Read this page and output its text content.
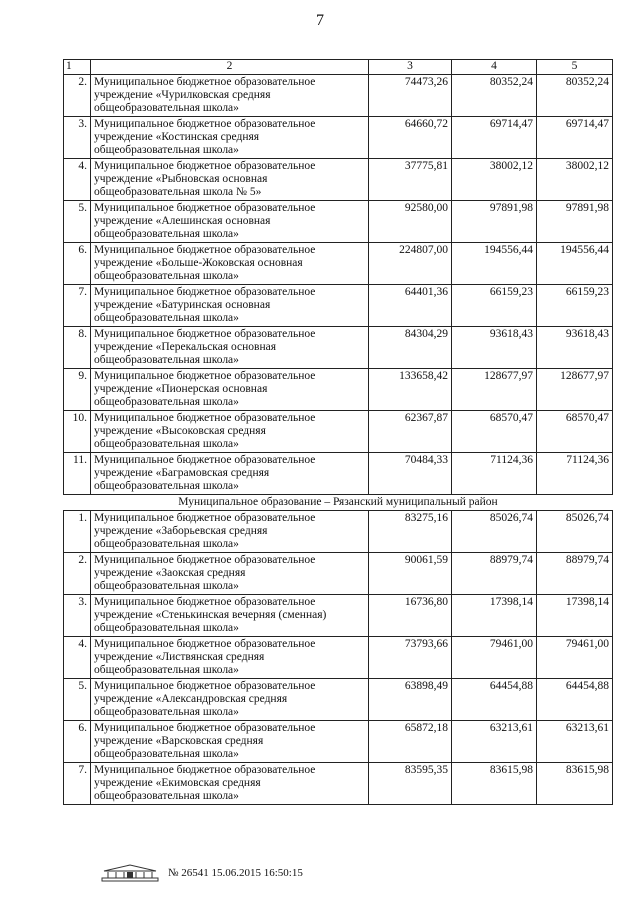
7
1	2	3	4	5
2.	Муниципальное бюджетное образовательное
учреждение «Чурилковская средняя
общеобразовательная школа»	74473,26	80352,24	80352,24
3.	Муниципальное бюджетное образовательное
учреждение «Костинская средняя
общеобразовательная школа»	64660,72	69714,47	69714,47
4.	Муниципальное бюджетное образовательное
учреждение «Рыбновская основная
общеобразовательная школа № 5»	37775,81	38002,12	38002,12
5.	Муниципальное бюджетное образовательное
учреждение «Алешинская основная
общеобразовательная школа»	92580,00	97891,98	97891,98
6.	Муниципальное бюджетное образовательное
учреждение «Больше-Жоковская основная
общеобразовательная школа»	224807,00	194556,44	194556,44
7.	Муниципальное бюджетное образовательное
учреждение «Батуринская основная
общеобразовательная школа»	64401,36	66159,23	66159,23
8.	Муниципальное бюджетное образовательное
учреждение «Перекальская основная
общеобразовательная школа»	84304,29	93618,43	93618,43
9.	Муниципальное бюджетное образовательное
учреждение «Пионерская основная
общеобразовательная школа»	133658,42	128677,97	128677,97
10.	Муниципальное бюджетное образовательное
учреждение «Высоковская средняя
общеобразовательная школа»	62367,87	68570,47	68570,47
11.	Муниципальное бюджетное образовательное
учреждение «Баграмовская средняя
общеобразовательная школа»	70484,33	71124,36	71124,36
Муниципальное образование – Рязанский муниципальный район				
1.	Муниципальное бюджетное образовательное
учреждение «Заборьевская средняя
общеобразовательная школа»	83275,16	85026,74	85026,74
2.	Муниципальное бюджетное образовательное
учреждение «Заокская средняя
общеобразовательная школа»	90061,59	88979,74	88979,74
3.	Муниципальное бюджетное образовательное
учреждение «Стенькинская вечерняя (сменная)
общеобразовательная школа»	16736,80	17398,14	17398,14
4.	Муниципальное бюджетное образовательное
учреждение «Листвянская средняя
общеобразовательная школа»	73793,66	79461,00	79461,00
5.	Муниципальное бюджетное образовательное
учреждение «Александровская средняя
общеобразовательная школа»	63898,49	64454,88	64454,88
6.	Муниципальное бюджетное образовательное
учреждение «Варсковская средняя
общеобразовательная школа»	65872,18	63213,61	63213,61
7.	Муниципальное бюджетное образовательное
учреждение «Екимовская средняя
общеобразовательная школа»	83595,35	83615,98	83615,98
№ 26541 15.06.2015 16:50:15
